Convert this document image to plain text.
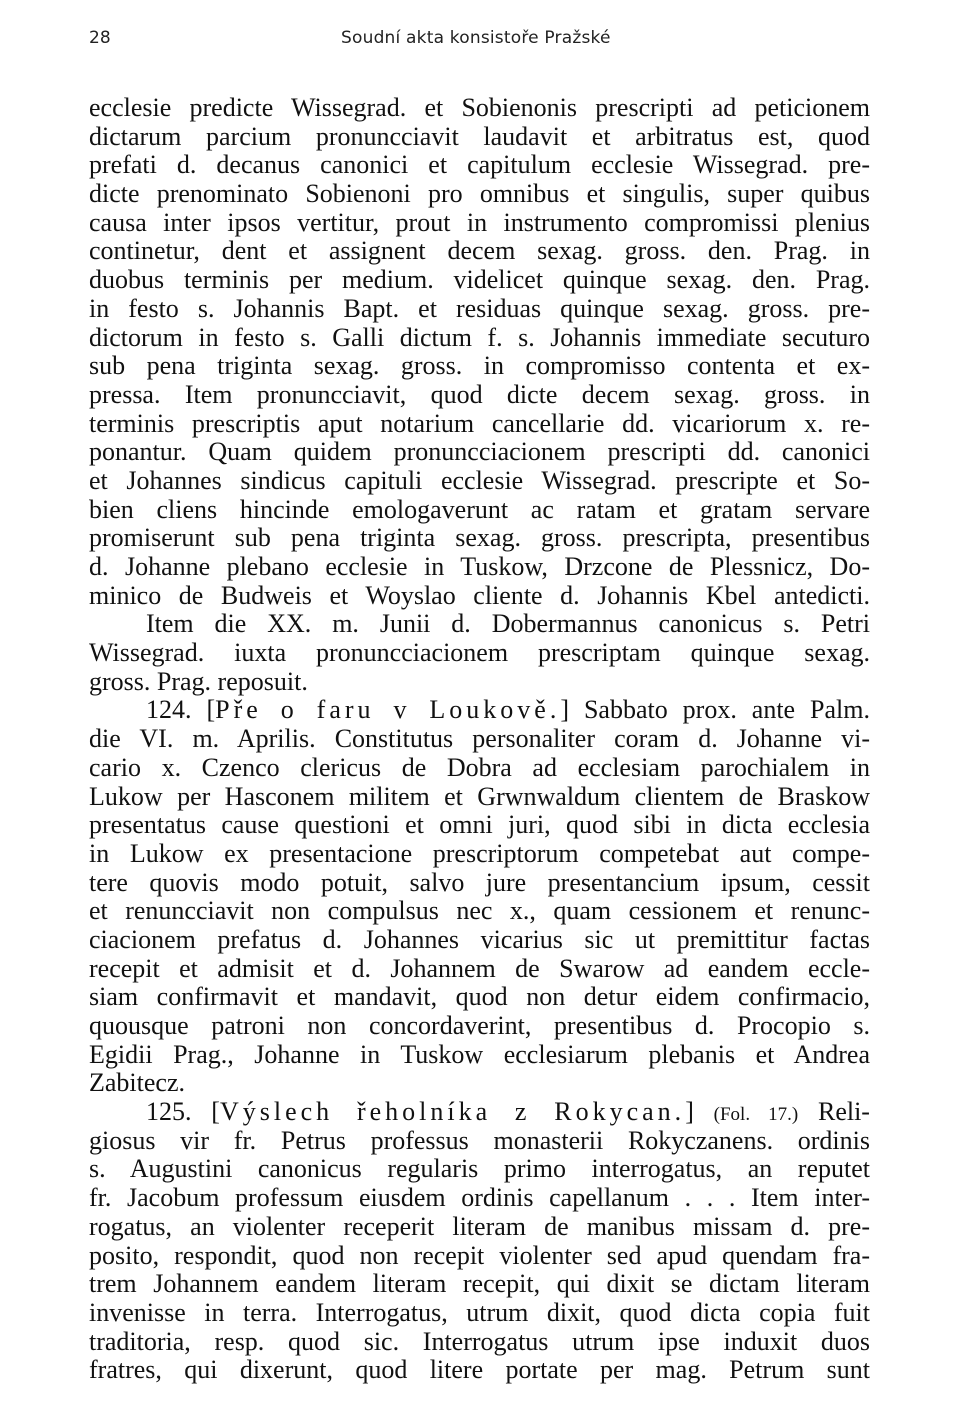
28	Soudní akta konsistoře Pražské
ecclesie predicte Wissegrad. et Sobienonis prescripti ad peticionem
dictarum parcium pronuncciavit laudavit et arbitratus est, quod
prefati d. decanus canonici et capitulum ecclesie Wissegrad. pre-
dicte prenominato Sobienoni pro omnibus et singulis, super quibus
causa inter ipsos vertitur, prout in instrumento compromissi plenius
continetur, dent et assignent decem sexag. gross. den. Prag. in
duobus terminis per medium. videlicet quinque sexag. den. Prag.
in festo s. Johannis Bapt. et residuas quinque sexag. gross. pre-
dictorum in festo s. Galli dictum f. s. Johannis immediate secuturo
sub pena triginta sexag. gross. in compromisso contenta et ex-
pressa. Item pronuncciavit, quod dicte decem sexag. gross. in
terminis prescriptis aput notarium cancellarie dd. vicariorum x. re-
ponantur. Quam quidem pronuncciacionem prescripti dd. canonici
et Johannes sindicus capituli ecclesie Wissegrad. prescripte et So-
bien cliens hincinde emologaverunt ac ratam et gratam servare
promiserunt sub pena triginta sexag. gross. prescripta, presentibus
d. Johanne plebano ecclesie in Tuskow, Drzcone de Plessnicz, Do-
minico de Budweis et Woyslao cliente d. Johannis Kbel antedicti.
Item die XX. m. Junii d. Dobermannus canonicus s. Petri
Wissegrad. iuxta pronuncciacionem prescriptam quinque sexag.
gross. Prag. reposuit.
124. [Pře o faru v Loukově.] Sabbato prox. ante Palm.
die VI. m. Aprilis. Constitutus personaliter coram d. Johanne vi-
cario x. Czenco clericus de Dobra ad ecclesiam parochialem in
Lukow per Hasconem militem et Grwnwaldum clientem de Braskow
presentatus cause questioni et omni juri, quod sibi in dicta ecclesia
in Lukow ex presentacione prescriptorum competebat aut compe-
tere quovis modo potuit, salvo jure presentancium ipsum, cessit
et renuncciavit non compulsus nec x., quam cessionem et renunc-
ciacionem prefatus d. Johannes vicarius sic ut premittitur factas
recepit et admisit et d. Johannem de Swarow ad eandem eccle-
siam confirmavit et mandavit, quod non detur eidem confirmacio,
quousque patroni non concordaverint, presentibus d. Procopio s.
Egidii Prag., Johanne in Tuskow ecclesiarum plebanis et Andrea
Zabitecz.
125. [Výslech řeholníka z Rokycan.] (Fol. 17.) Reli-
giosus vir fr. Petrus professus monasterii Rokyczanens. ordinis
s. Augustini canonicus regularis primo interrogatus, an reputet
fr. Jacobum professum eiusdem ordinis capellanum . . . Item inter-
rogatus, an violenter receperit literam de manibus missam d. pre-
posito, respondit, quod non recepit violenter sed apud quendam fra-
trem Johannem eandem literam recepit, qui dixit se dictam literam
invenisse in terra. Interrogatus, utrum dixit, quod dicta copia fuit
traditoria, resp. quod sic. Interrogatus utrum ipse induxit duos
fratres, qui dixerunt, quod litere portate per mag. Petrum sunt
